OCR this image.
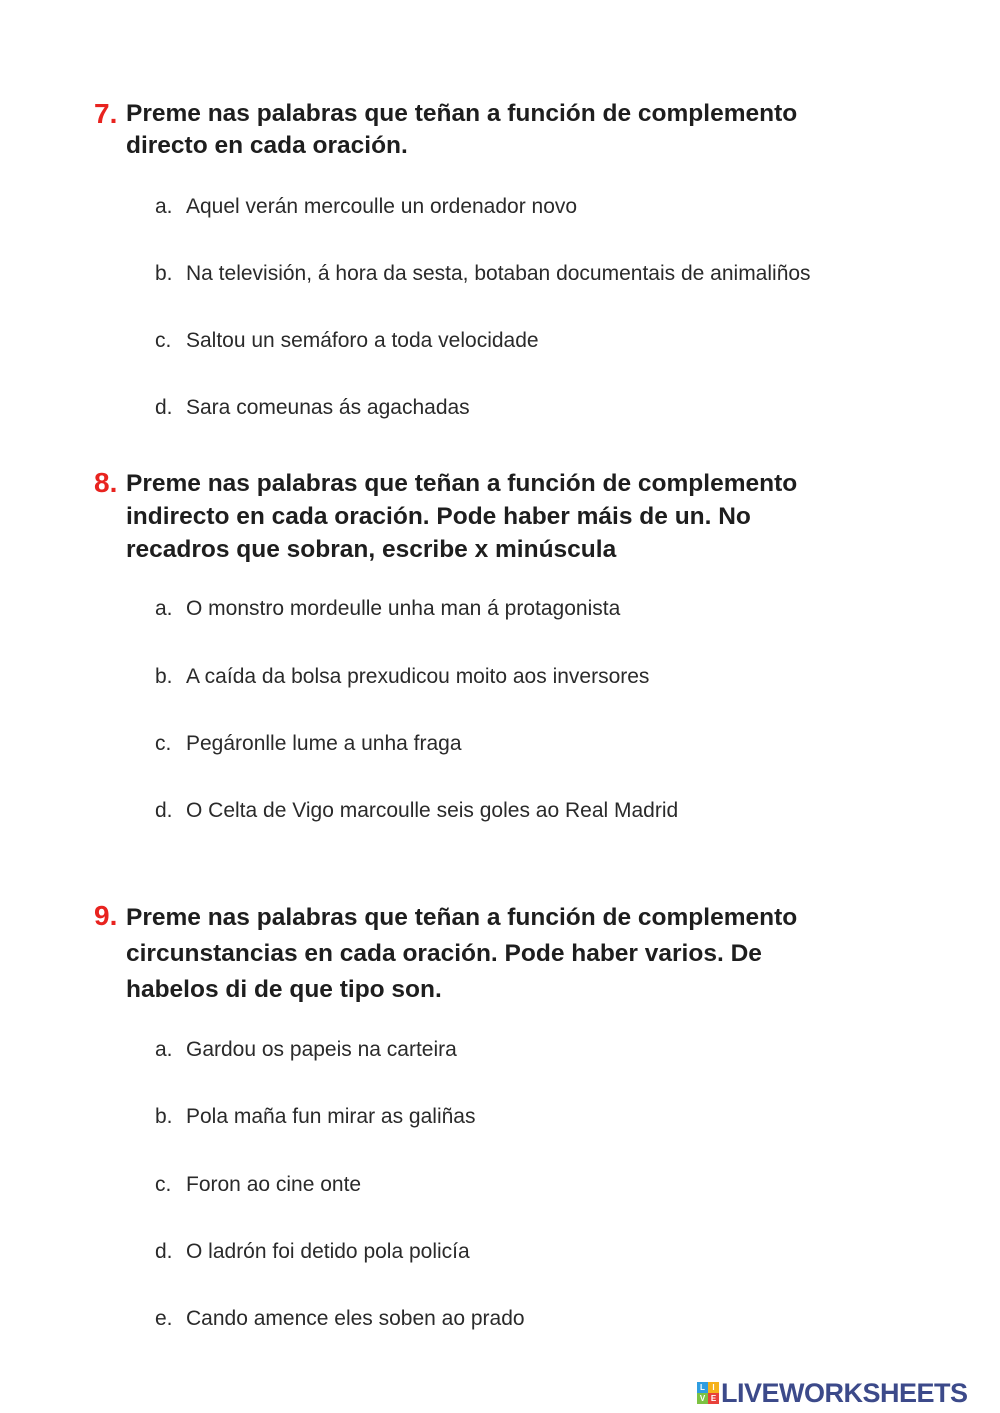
7. Preme nas palabras que teñan a función de complemento
directo en cada oración.
a. Aquel verán mercoulle un ordenador novo
b. Na televisión, á hora da sesta, botaban documentais de animaliños
c. Saltou un semáforo a toda velocidade
d. Sara comeunas ás agachadas
8. Preme nas palabras que teñan a función de complemento
indirecto en cada oración. Pode haber máis de un. No
recadros que sobran, escribe x minúscula
a. O monstro mordeulle unha man á protagonista
b. A caída da bolsa prexudicou moito aos inversores
c. Pegáronlle lume a unha fraga
d. O Celta de Vigo marcoulle seis goles ao Real Madrid
9. Preme nas palabras que teñan a función de complemento
circunstancias en cada oración. Pode haber varios. De
habelos di de que tipo son.
a. Gardou os papeis na carteira
b. Pola maña fun mirar as galiñas
c. Foron ao cine onte
d. O ladrón foi detido pola policía
e. Cando amence eles soben ao prado
L I
V E LIVEWORKSHEETS
